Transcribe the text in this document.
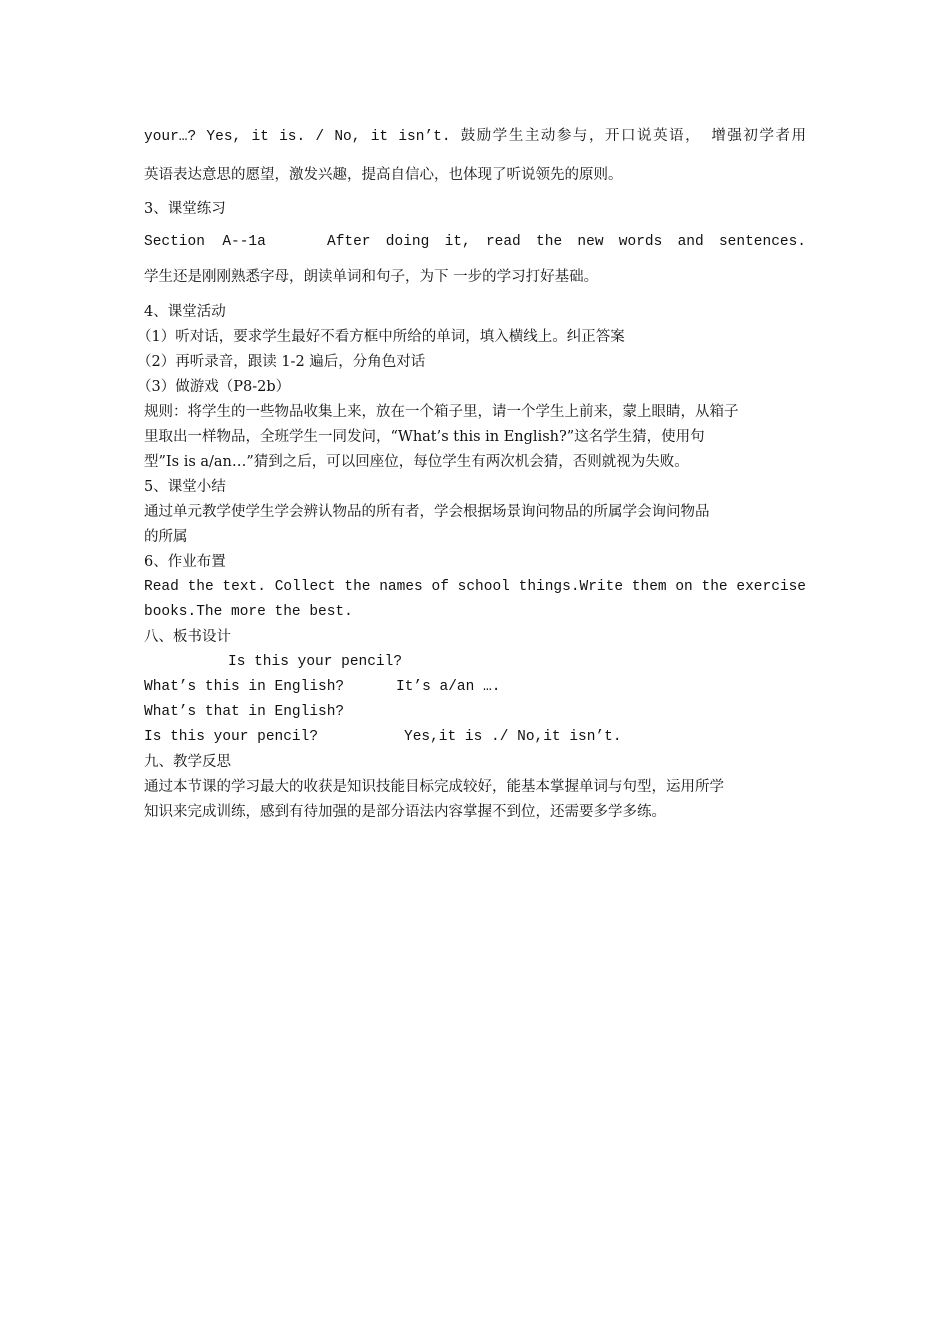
your…? Yes, it is. / No, it isn’t. 鼓励学生主动参与，开口说英语， 增强初学者用
英语表达意思的愿望，激发兴趣，提高自信心，也体现了听说领先的原则。
3、课堂练习
Section  A--1a	After doing it, read the new words and sentences.
学生还是刚刚熟悉字母，朗读单词和句子，为下 一步的学习打好基础。
4、课堂活动
（1）听对话，要求学生最好不看方框中所给的单词，填入横线上。纠正答案
（2）再听录音，跟读 1-2 遍后，分角色对话
（3）做游戏（P8-2b）
规则：将学生的一些物品收集上来，放在一个箱子里，请一个学生上前来，蒙上眼睛，从箱子
里取出一样物品，全班学生一同发问，“What’s this in English?”这名学生猜，使用句
型”Is is a/an…”猜到之后，可以回座位，每位学生有两次机会猜，否则就视为失败。
5、课堂小结
通过单元教学使学生学会辨认物品的所有者，学会根据场景询问物品的所属学会询问物品
的所属
6、作业布置
Read the text. Collect the names of school things.Write them on the exercise
books.The more the best.
八、板书设计
Is this your pencil?
What’s this in English?	It’s a/an ….
What’s that in English?
Is this your pencil?	Yes,it is ./ No,it isn’t.
九、教学反思
通过本节课的学习最大的收获是知识技能目标完成较好，能基本掌握单词与句型，运用所学
知识来完成训练，感到有待加强的是部分语法内容掌握不到位，还需要多学多练。
